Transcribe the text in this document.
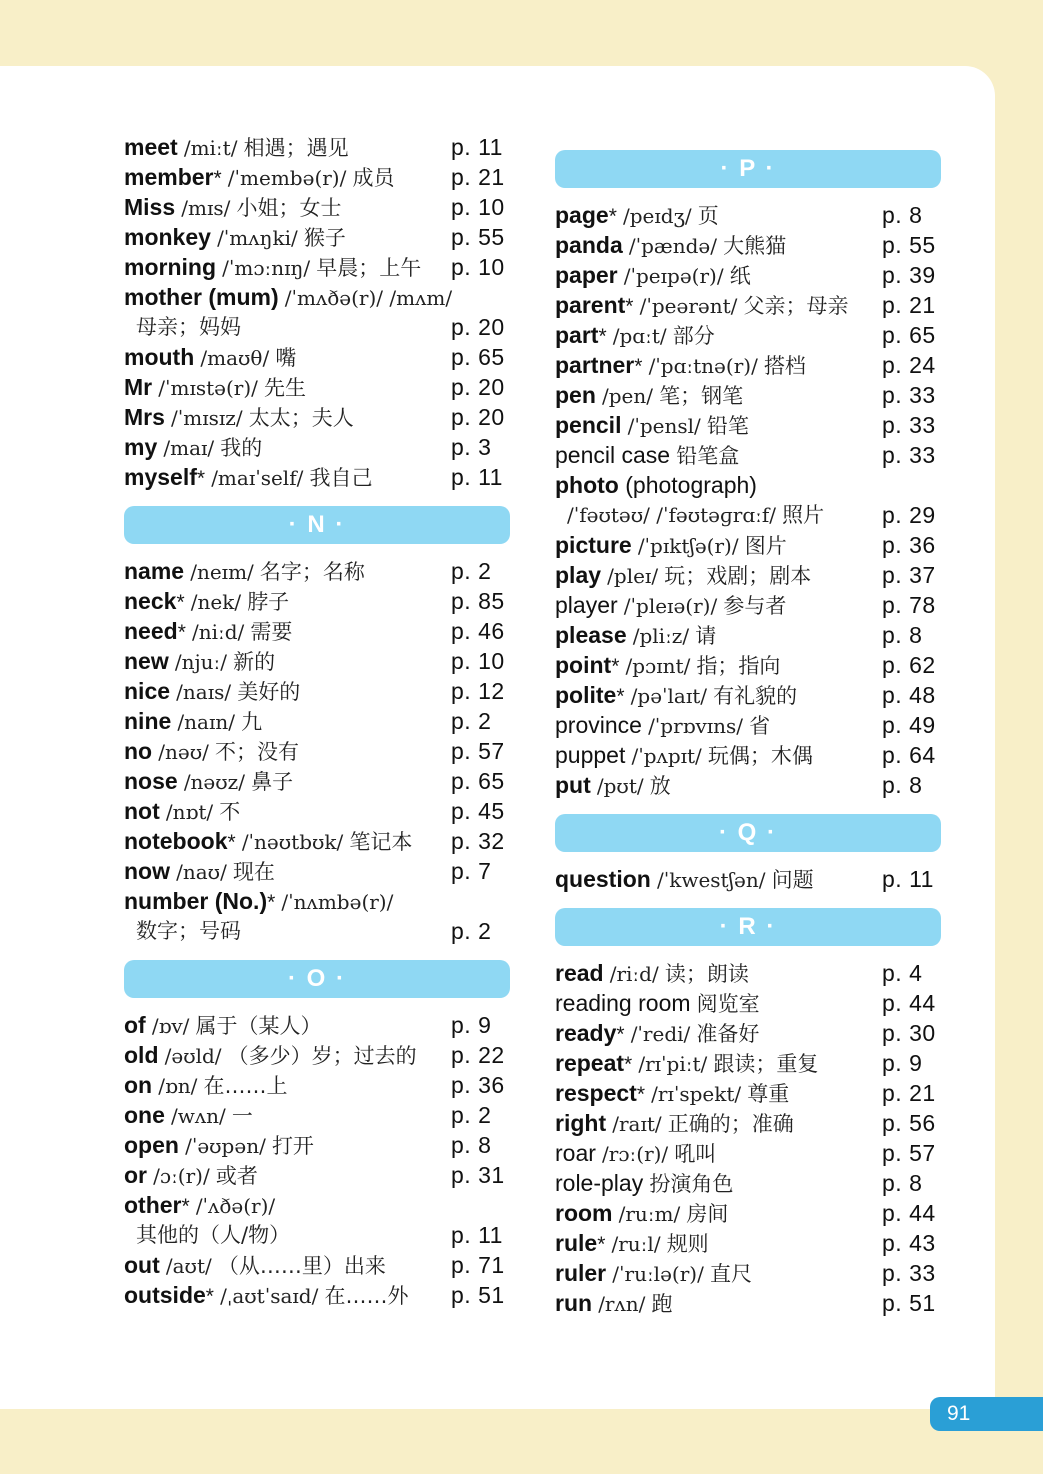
meet /miːt/ 相遇；遇见	p. 11
member* /ˈmembə(r)/ 成员 p. 21
Miss /mɪs/ 小姐；女士	p. 10
monkey /ˈmʌŋki/ 猴子	p. 55
morning /ˈmɔːnɪŋ/ 早晨；上午 p. 10
mother (mum) /ˈmʌðə(r)/ /mʌm/
母亲；妈妈	p. 20
mouth /maʊθ/ 嘴	p. 65
Mr /ˈmɪstə(r)/ 先生	p. 20
Mrs /ˈmɪsɪz/ 太太；夫人	p. 20
my /maɪ/ 我的	p. 3
myself* /maɪˈself/ 我自己	p. 11
· N ·
name /neɪm/ 名字；名称	p. 2
neck* /nek/ 脖子	p. 85
need* /niːd/ 需要	p. 46
new /njuː/ 新的	p. 10
nice /naɪs/ 美好的	p. 12
nine /naɪn/ 九	p. 2
no /nəʊ/ 不；没有	p. 57
nose /nəʊz/ 鼻子	p. 65
not /nɒt/ 不	p. 45
notebook* /ˈnəʊtbʊk/ 笔记本 p. 32
now /naʊ/ 现在	p. 7
number (No.)* /ˈnʌmbə(r)/
数字；号码	p. 2
· O ·
of /ɒv/ 属于（某人）	p. 9
old /əʊld/ （多少）岁；过去的 p. 22
on /ɒn/ 在……上	p. 36
one /wʌn/ 一	p. 2
open /ˈəʊpən/ 打开	p. 8
or /ɔː(r)/ 或者	p. 31
other* /ˈʌðə(r)/
其他的（人/物）	p. 11
out /aʊt/ （从……里）出来	p. 71
outside* /ˌaʊtˈsaɪd/ 在……外 p. 51
· P ·
page* /peɪdʒ/ 页	p. 8
panda /ˈpændə/ 大熊猫	p. 55
paper /ˈpeɪpə(r)/ 纸	p. 39
parent* /ˈpeərənt/ 父亲；母亲 p. 21
part* /pɑːt/ 部分	p. 65
partner* /ˈpɑːtnə(r)/ 搭档	p. 24
pen /pen/ 笔；钢笔	p. 33
pencil /ˈpensl/ 铅笔	p. 33
pencil case 铅笔盒	p. 33
photo (photograph)
/ˈfəʊtəʊ/ /ˈfəʊtəɡrɑːf/ 照片	p. 29
picture /ˈpɪktʃə(r)/ 图片	p. 36
play /pleɪ/ 玩；戏剧；剧本	p. 37
player /ˈpleɪə(r)/ 参与者	p. 78
please /pliːz/ 请	p. 8
point* /pɔɪnt/ 指；指向	p. 62
polite* /pəˈlaɪt/ 有礼貌的	p. 48
province /ˈprɒvɪns/ 省	p. 49
puppet /ˈpʌpɪt/ 玩偶；木偶	p. 64
put /pʊt/ 放	p. 8
· Q ·
question /ˈkwestʃən/ 问题	p. 11
· R ·
read /riːd/ 读；朗读	p. 4
reading room 阅览室	p. 44
ready* /ˈredi/ 准备好	p. 30
repeat* /rɪˈpiːt/ 跟读；重复	p. 9
respect* /rɪˈspekt/ 尊重	p. 21
right /raɪt/ 正确的；准确	p. 56
roar /rɔː(r)/ 吼叫	p. 57
role-play 扮演角色	p. 8
room /ruːm/ 房间	p. 44
rule* /ruːl/ 规则	p. 43
ruler /ˈruːlə(r)/ 直尺	p. 33
run /rʌn/ 跑	p. 51
91
